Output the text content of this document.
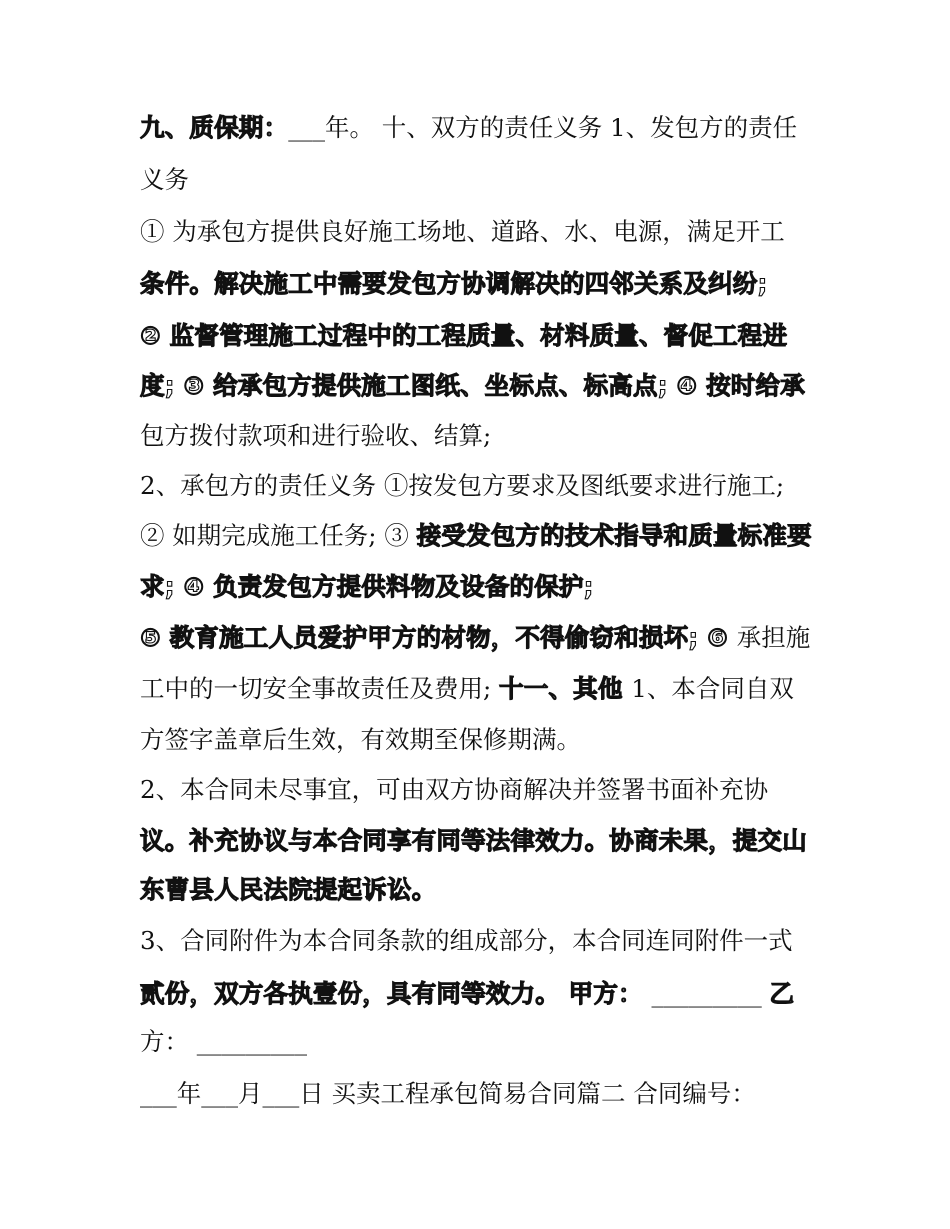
九、质保期：___年。 十、双方的责任义务 1、发包方的责任
义务
① 为承包方提供良好施工场地、道路、水、电源，满足开工
条件。解决施工中需要发包方协调解决的四邻关系及纠纷;
② 监督管理施工过程中的工程质量、材料质量、督促工程进
度; ③ 给承包方提供施工图纸、坐标点、标高点; ④ 按时给承
包方拨付款项和进行验收、结算;
2、承包方的责任义务 ①按发包方要求及图纸要求进行施工;
② 如期完成施工任务; ③ 接受发包方的技术指导和质量标准要
求; ④ 负责发包方提供料物及设备的保护;
⑤ 教育施工人员爱护甲方的材物，不得偷窃和损坏; ⑥ 承担施
工中的一切安全事故责任及费用; 十一、其他 1、本合同自双
方签字盖章后生效，有效期至保修期满。
2、本合同未尽事宜，可由双方协商解决并签署书面补充协
议。补充协议与本合同享有同等法律效力。协商未果，提交山
东曹县人民法院提起诉讼。
3、合同附件为本合同条款的组成部分，本合同连同附件一式
贰份，双方各执壹份，具有同等效力。 甲方： _________ 乙
方： _________
___年___月___日 买卖工程承包简易合同篇二 合同编号：
